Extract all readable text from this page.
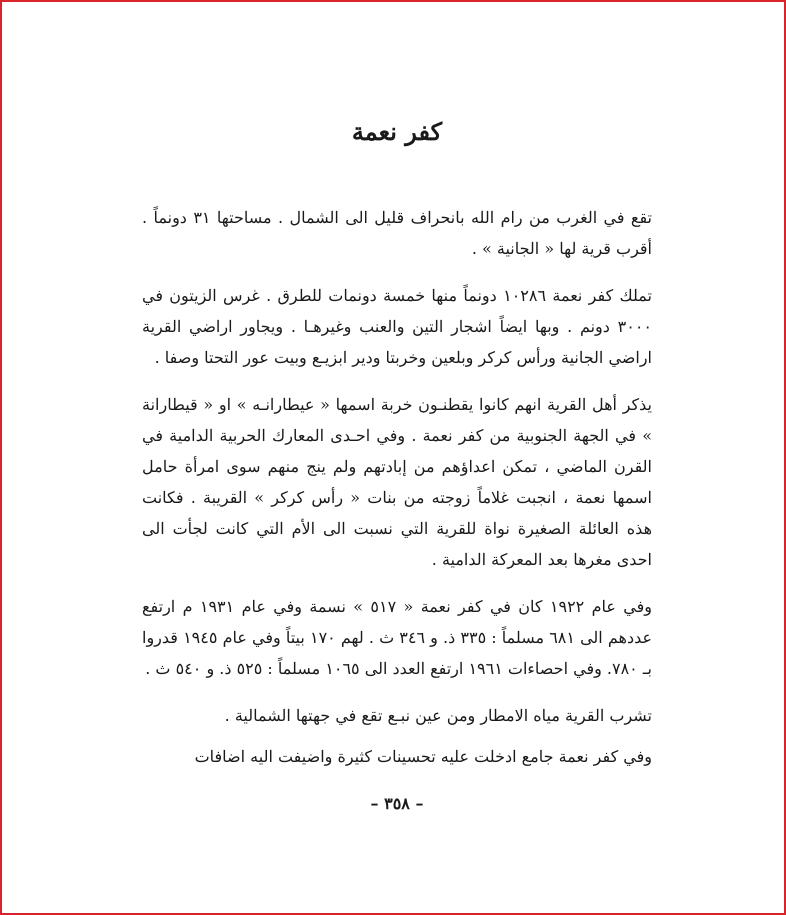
كفر نعمة

تقع في الغرب من رام الله بانحراف قليل الى الشمال . مساحتها ٣١ دونماً . أقرب قرية لها « الجانية » .

تملك كفر نعمة ١٠٢٨٦ دونماً منها خمسة دونمات للطرق . غرس الزيتون في ٣٠٠٠ دونم . وبها ايضاً اشجار التين والعنب وغيرهـا . ويجاور اراضي القرية اراضي الجانية ورأس كركر وبلعين وخربتا ودير ابزيـع وبيت عور التحتا وصفا .

يذكر أهل القرية انهم كانوا يقطنـون خربة اسمها « عيطارانـه » او « قيطارانة » في الجهة الجنوبية من كفر نعمة . وفي احـدى المعارك الحربية الدامية في القرن الماضي ، تمكن اعداؤهم من إبادتهم ولم ينج منهم سوى امرأة حامل اسمها نعمة ، انجبت غلاماً زوجته من بنات « رأس كركر » القريبة . فكانت هذه العائلة الصغيرة نواة للقرية التي نسبت الى الأم التي كانت لجأت الى احدى مغرها بعد المعركة الدامية .

وفي عام ١٩٢٢ كان في كفر نعمة « ٥١٧ » نسمة وفي عام ١٩٣١ م ارتفع عددهم الى ٦٨١ مسلماً : ٣٣٥ ذ. و ٣٤٦ ث . لهم ١٧٠ بيتاً وفي عام ١٩٤٥ قدروا بـ ٧٨٠. وفي احصاءات ١٩٦١ ارتفع العدد الى ١٠٦٥ مسلماً : ٥٢٥ ذ. و ٥٤٠ ث .

تشرب القرية مياه الامطار ومن عين نبـع تقع في جهتها الشمالية .

وفي كفر نعمة جامع ادخلت عليه تحسينات كثيرة واضيفت اليه اضافات

– ٣٥٨ –
